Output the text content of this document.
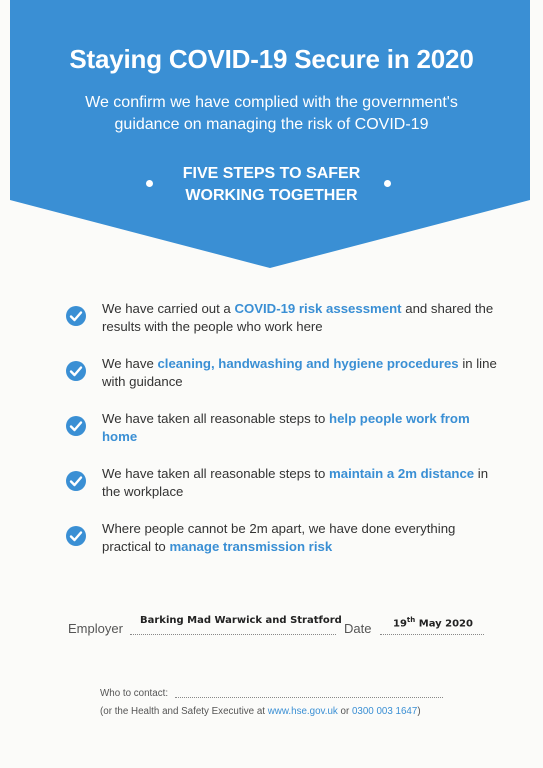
Staying COVID-19 Secure in 2020
We confirm we have complied with the government's
guidance on managing the risk of COVID-19
FIVE STEPS TO SAFER
WORKING TOGETHER
We have carried out a COVID-19 risk assessment and shared the results with the people who work here
We have cleaning, handwashing and hygiene procedures in line with guidance
We have taken all reasonable steps to help people work from home
We have taken all reasonable steps to maintain a 2m distance in the workplace
Where people cannot be 2m apart, we have done everything practical to manage transmission risk
Employer
Barking Mad Warwick and Stratford
Date 19th May 2020
Who to contact:
(or the Health and Safety Executive at www.hse.gov.uk or 0300 003 1647)
